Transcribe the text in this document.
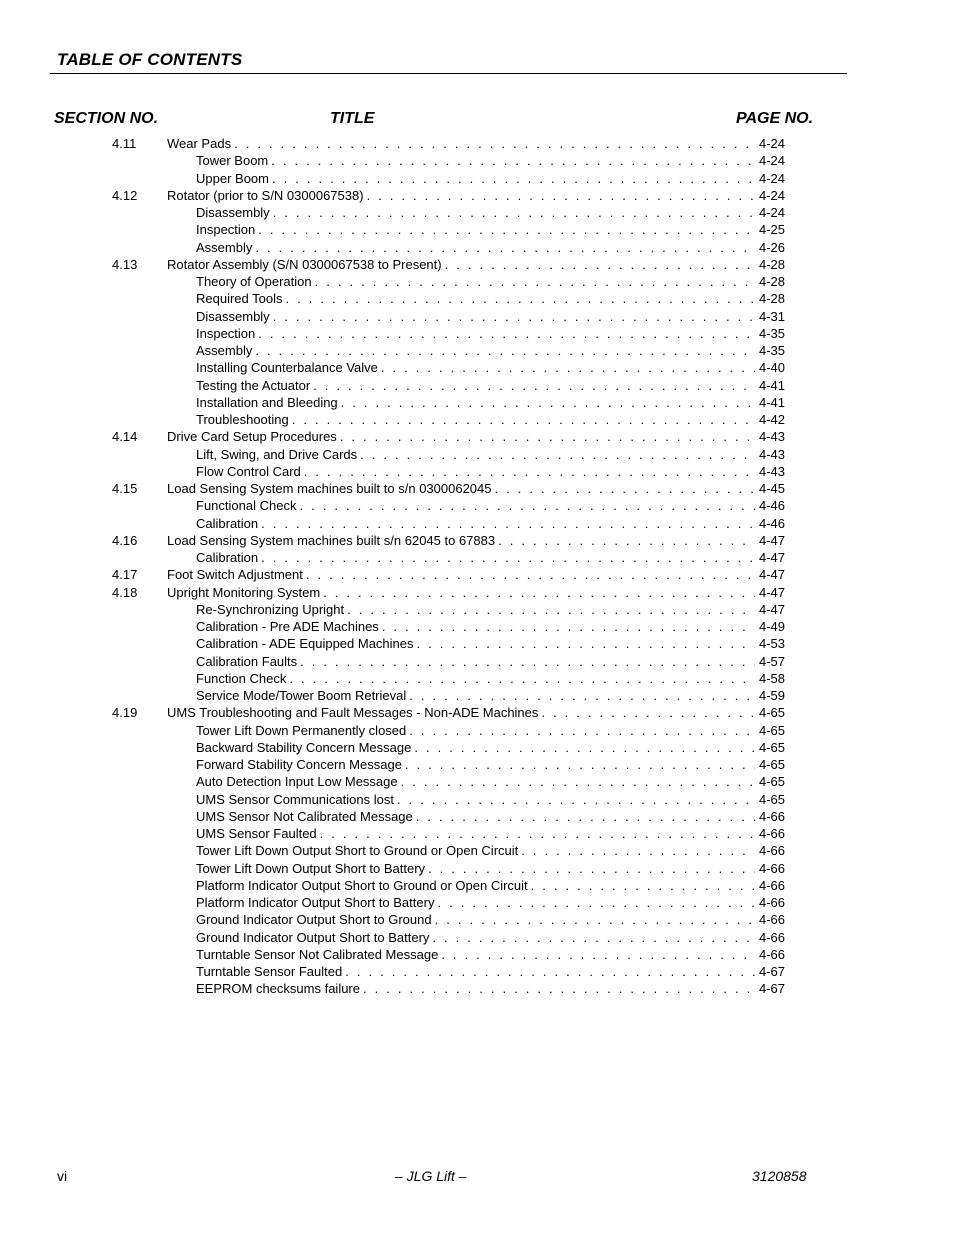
TABLE OF CONTENTS
SECTION NO.	TITLE	PAGE NO.
4.11 Wear Pads . . .	4-24
Tower Boom . . .	4-24
Upper Boom . . .	4-24
4.12 Rotator (prior to S/N 0300067538) . . .	4-24
Disassembly . . .	4-24
Inspection . . .	4-25
Assembly . . .	4-26
4.13 Rotator Assembly (S/N 0300067538 to Present) . . .	4-28
Theory of Operation . . .	4-28
Required Tools . . .	4-28
Disassembly . . .	4-31
Inspection . . .	4-35
Assembly . . .	4-35
Installing Counterbalance Valve . . .	4-40
Testing the Actuator . . .	4-41
Installation and Bleeding . . .	4-41
Troubleshooting . . .	4-42
4.14 Drive Card Setup Procedures . . .	4-43
Lift, Swing, and Drive Cards . . .	4-43
Flow Control Card . . .	4-43
4.15 Load Sensing System machines built to s/n 0300062045 . . .	4-45
Functional Check . . .	4-46
Calibration . . .	4-46
4.16 Load Sensing System machines built s/n 62045 to 67883 . . .	4-47
Calibration . . .	4-47
4.17 Foot Switch Adjustment . . .	4-47
4.18 Upright Monitoring System . . .	4-47
Re-Synchronizing Upright . . .	4-47
Calibration - Pre ADE Machines . . .	4-49
Calibration - ADE Equipped Machines . . .	4-53
Calibration Faults . . .	4-57
Function Check . . .	4-58
Service Mode/Tower Boom Retrieval . . .	4-59
4.19 UMS Troubleshooting and Fault Messages - Non-ADE Machines . . .	4-65
Tower Lift Down Permanently closed . . .	4-65
Backward Stability Concern Message . . .	4-65
Forward Stability Concern Message . . .	4-65
Auto Detection Input Low Message . . .	4-65
UMS Sensor Communications lost . . .	4-65
UMS Sensor Not Calibrated Message . . .	4-66
UMS Sensor Faulted . . .	4-66
Tower Lift Down Output Short to Ground or Open Circuit . . .	4-66
Tower Lift Down Output Short to Battery . . .	4-66
Platform Indicator Output Short to Ground or Open Circuit . . .	4-66
Platform Indicator Output Short to Battery . . .	4-66
Ground Indicator Output Short to Ground . . .	4-66
Ground Indicator Output Short to Battery . . .	4-66
Turntable Sensor Not Calibrated Message . . .	4-66
Turntable Sensor Faulted . . .	4-67
EEPROM checksums failure . . .	4-67
vi	– JLG Lift –	3120858
